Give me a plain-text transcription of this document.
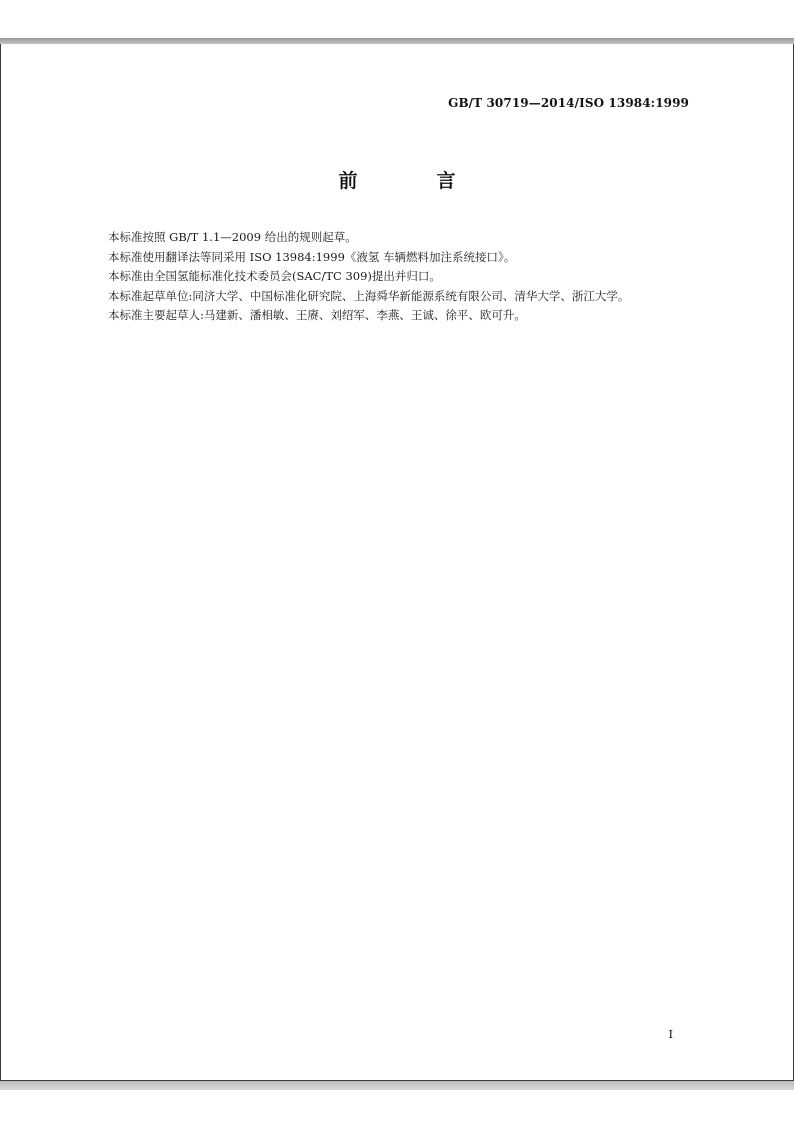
GB/T 30719—2014/ISO 13984:1999
前　言

本标准按照 GB/T 1.1—2009 给出的规则起草。

本标准使用翻译法等同采用 ISO 13984:1999《液氢 车辆燃料加注系统接口》。

本标准由全国氢能标准化技术委员会(SAC/TC 309)提出并归口。

本标准起草单位:同济大学、中国标准化研究院、上海舜华新能源系统有限公司、清华大学、浙江大学。

本标准主要起草人:马建新、潘相敏、王赓、刘绍军、李燕、王诚、徐平、欧可升。

I
